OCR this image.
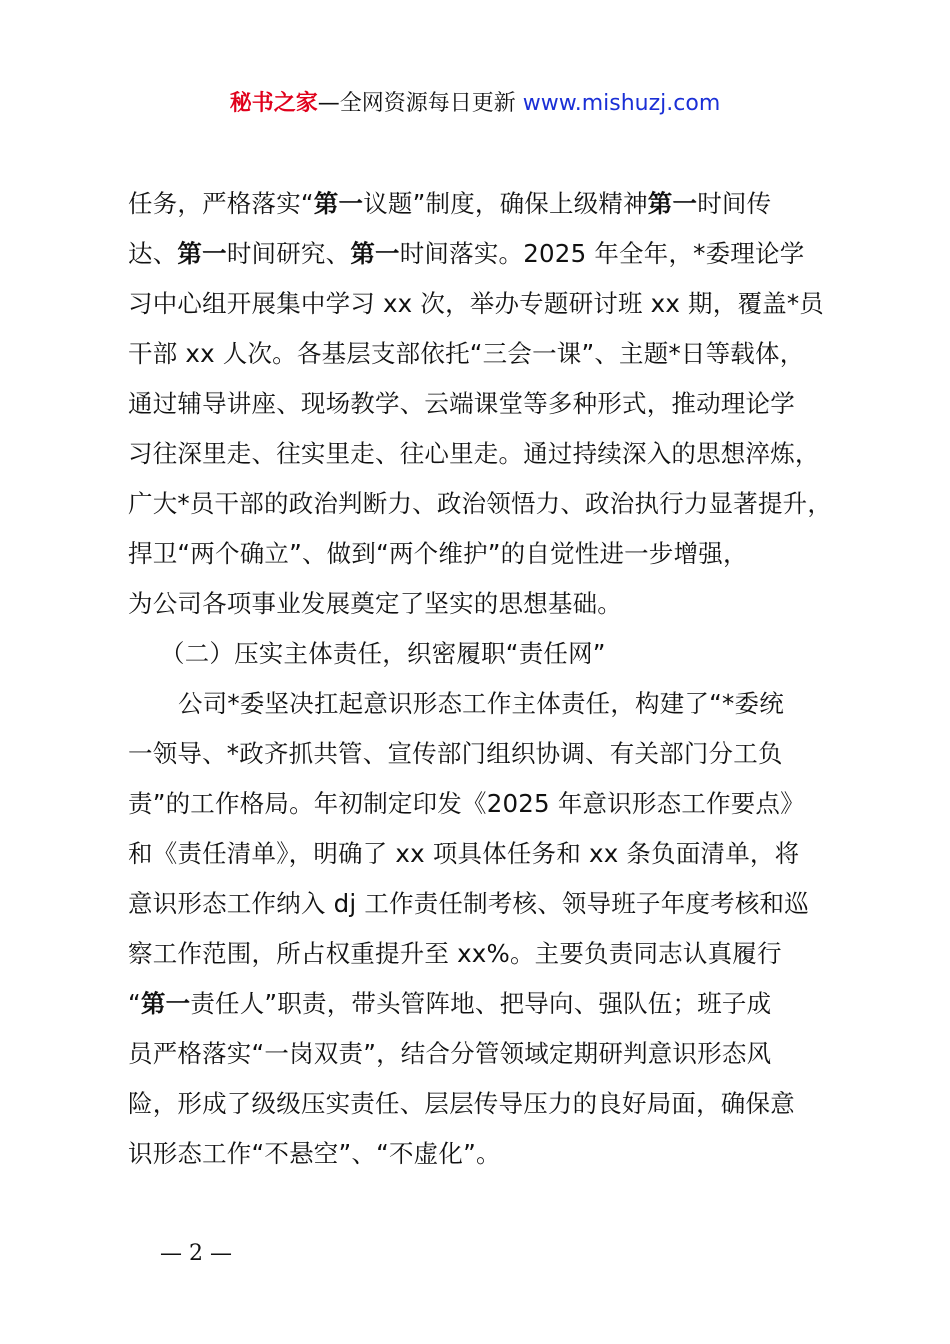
秘书之家—全网资源每日更新 www.mishuzj.com
任务，严格落实“第一议题”制度，确保上级精神第一时间传
达、第一时间研究、第一时间落实。2025 年全年，*委理论学
习中心组开展集中学习 xx 次，举办专题研讨班 xx 期，覆盖*员
干部 xx 人次。各基层支部依托“三会一课”、主题*日等载体，
通过辅导讲座、现场教学、云端课堂等多种形式，推动理论学
习往深里走、往实里走、往心里走。通过持续深入的思想淬炼，
广大*员干部的政治判断力、政治领悟力、政治执行力显著提升，
捍卫“两个确立”、做到“两个维护”的自觉性进一步增强，
为公司各项事业发展奠定了坚实的思想基础。
（二）压实主体责任，织密履职“责任网”
公司*委坚决扛起意识形态工作主体责任，构建了“*委统
一领导、*政齐抓共管、宣传部门组织协调、有关部门分工负
责”的工作格局。年初制定印发《2025 年意识形态工作要点》
和《责任清单》，明确了 xx 项具体任务和 xx 条负面清单，将
意识形态工作纳入 dj 工作责任制考核、领导班子年度考核和巡
察工作范围，所占权重提升至 xx%。主要负责同志认真履行
“第一责任人”职责，带头管阵地、把导向、强队伍；班子成
员严格落实“一岗双责”，结合分管领域定期研判意识形态风
险，形成了级级压实责任、层层传导压力的良好局面，确保意
识形态工作“不悬空”、“不虚化”。
— 2 —
